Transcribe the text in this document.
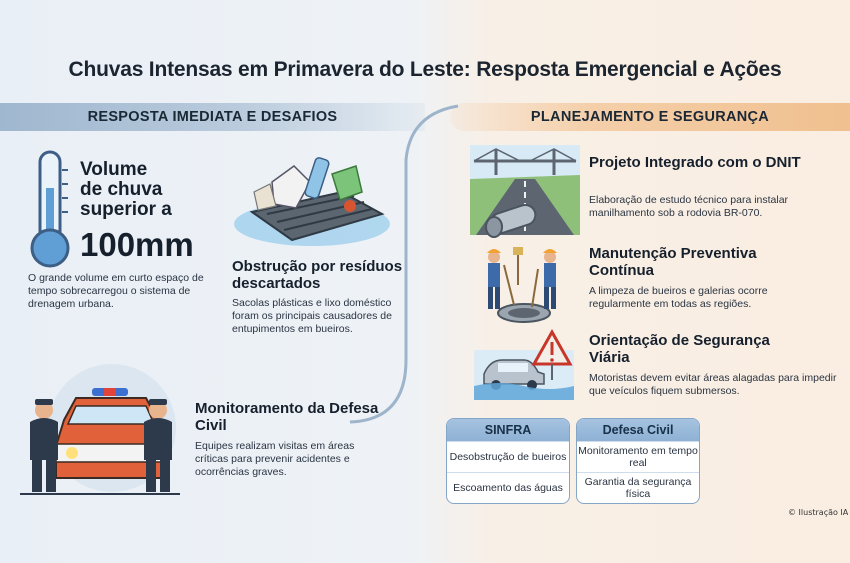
Chuvas Intensas em Primavera do Leste: Resposta Emergencial e Ações
RESPOSTA IMEDIATA E DESAFIOS	PLANEJAMENTO E SEGURANÇA
Volume
de chuva
superior a
100mm
O grande volume em curto espaço de tempo sobrecarregou o sistema de drenagem urbana.
Obstrução por resíduos descartados
Sacolas plásticas e lixo doméstico foram os principais causadores de entupimentos em bueiros.
Monitoramento da Defesa Civil
Equipes realizam visitas em áreas críticas para prevenir acidentes e ocorrências graves.
Projeto Integrado com o DNIT
Elaboração de estudo técnico para instalar manilhamento sob a rodovia BR-070.
Manutenção Preventiva Contínua
A limpeza de bueiros e galerias ocorre regularmente em todas as regiões.
Orientação de Segurança Viária
Motoristas devem evitar áreas alagadas para impedir que veículos fiquem submersos.
SINFRA
Desobstrução de bueiros
Escoamento das águas
Defesa Civil
Monitoramento em tempo real
Garantia da segurança física
© Ilustração IA
